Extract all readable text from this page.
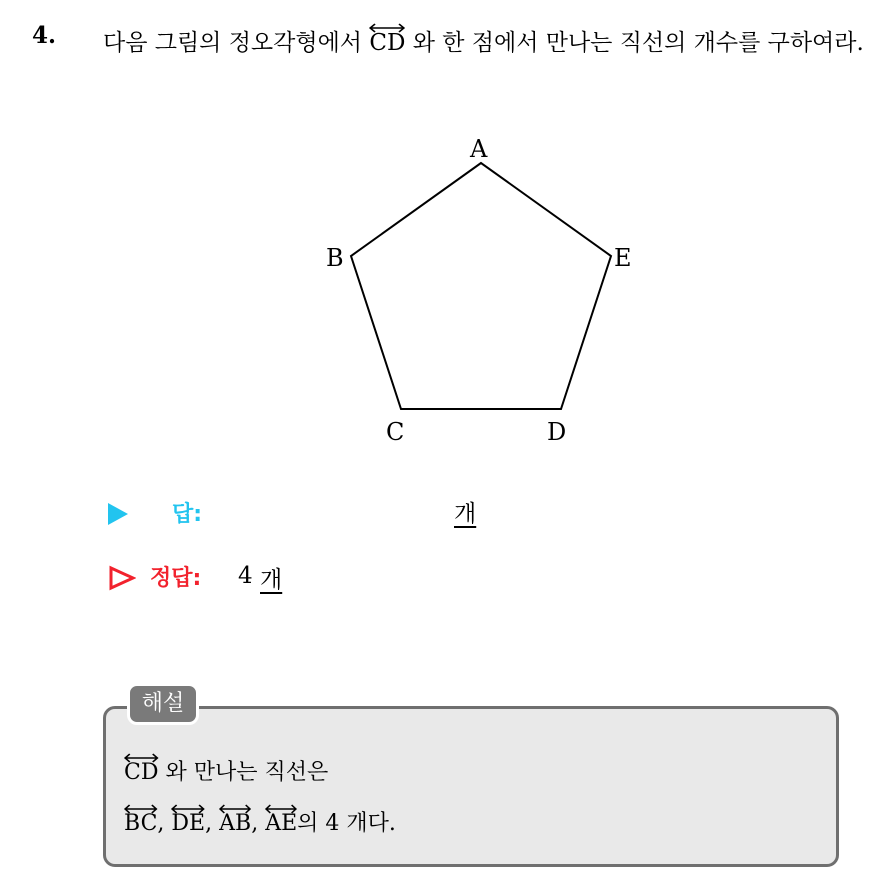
4. 다음 그림의 정오각형에서
CD 와 한 점에서 만나는 직선의 개수를 구하여라.
A
B
C	D
E
답:	개
정답: 4 개
해설
CD 와 만나는 직선은
BC,
DE,
AB,
AE의 4 개다.
